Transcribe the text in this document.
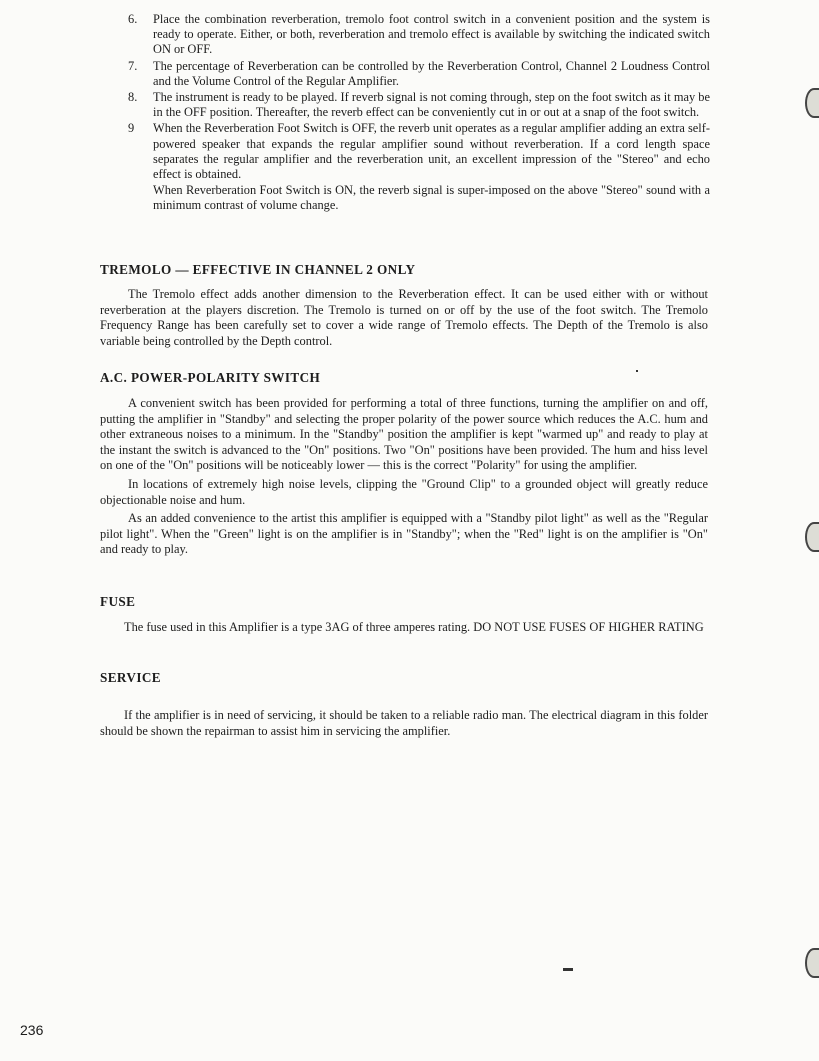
6. Place the combination reverberation, tremolo foot control switch in a convenient position and the system is ready to operate. Either, or both, reverberation and tremolo effect is available by switching the indicated switch ON or OFF.

7. The percentage of Reverberation can be controlled by the Reverberation Control, Channel 2 Loudness Control and the Volume Control of the Regular Amplifier.

8. The instrument is ready to be played. If reverb signal is not coming through, step on the foot switch as it may be in the OFF position. Thereafter, the reverb effect can be conveniently cut in or out at a snap of the foot switch.

9 When the Reverberation Foot Switch is OFF, the reverb unit operates as a regular amplifier adding an extra self-powered speaker that expands the regular amplifier sound without reverberation. If a cord length space separates the regular amplifier and the reverberation unit, an excellent impression of the "Stereo" and echo effect is obtained.

When Reverberation Foot Switch is ON, the reverb signal is super-imposed on the above "Stereo" sound with a minimum contrast of volume change.

TREMOLO — EFFECTIVE IN CHANNEL 2 ONLY

The Tremolo effect adds another dimension to the Reverberation effect. It can be used either with or without reverberation at the players discretion. The Tremolo is turned on or off by the use of the foot switch. The Tremolo Frequency Range has been carefully set to cover a wide range of Tremolo effects. The Depth of the Tremolo is also variable being controlled by the Depth control.

A.C. POWER-POLARITY SWITCH

A convenient switch has been provided for performing a total of three functions, turning the amplifier on and off, putting the amplifier in "Standby" and selecting the proper polarity of the power source which reduces the A.C. hum and other extraneous noises to a minimum. In the "Standby" position the amplifier is kept "warmed up" and ready to play at the instant the switch is advanced to the "On" positions. Two "On" positions have been provided. The hum and hiss level on one of the "On" positions will be noticeably lower — this is the correct "Polarity" for using the amplifier.

In locations of extremely high noise levels, clipping the "Ground Clip" to a grounded object will greatly reduce objectionable noise and hum.

As an added convenience to the artist this amplifier is equipped with a "Standby pilot light" as well as the "Regular pilot light". When the "Green" light is on the amplifier is in "Standby"; when the "Red" light is on the amplifier is "On" and ready to play.

FUSE

The fuse used in this Amplifier is a type 3AG of three amperes rating. DO NOT USE FUSES OF HIGHER RATING

SERVICE

If the amplifier is in need of servicing, it should be taken to a reliable radio man. The electrical diagram in this folder should be shown the repairman to assist him in servicing the amplifier.

236
